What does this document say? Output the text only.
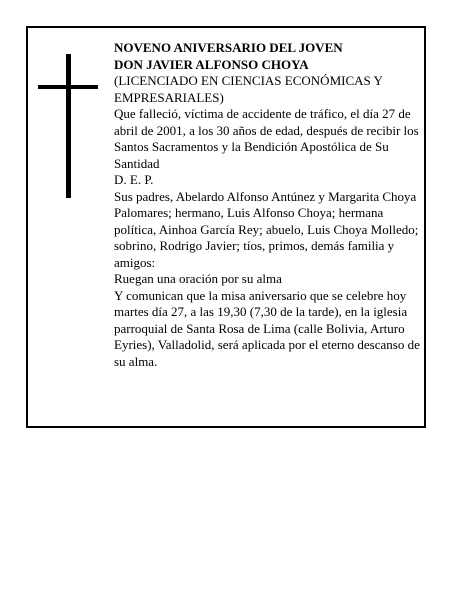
NOVENO ANIVERSARIO DEL JOVEN

DON JAVIER ALFONSO CHOYA

(LICENCIADO EN CIENCIAS ECONÓMICAS Y EMPRESARIALES)

Que falleció, víctima de accidente de tráfico, el día 27 de abril de 2001, a los 30 años de edad, después de recibir los Santos Sacramentos y la Bendición Apostólica de Su Santidad

D. E. P.

Sus padres, Abelardo Alfonso Antúnez y Margarita Choya Palomares; hermano, Luis Alfonso Choya; hermana política, Ainhoa García Rey; abuelo, Luis Choya Molledo; sobrino, Rodrigo Javier; tíos, primos, demás familia y amigos:

Ruegan una oración por su alma

Y comunican que la misa aniversario que se celebre hoy martes día 27, a las 19,30 (7,30 de la tarde), en la iglesia parroquial de Santa Rosa de Lima (calle Bolivia, Arturo Eyries), Valladolid, será aplicada por el eterno descanso de su alma.
